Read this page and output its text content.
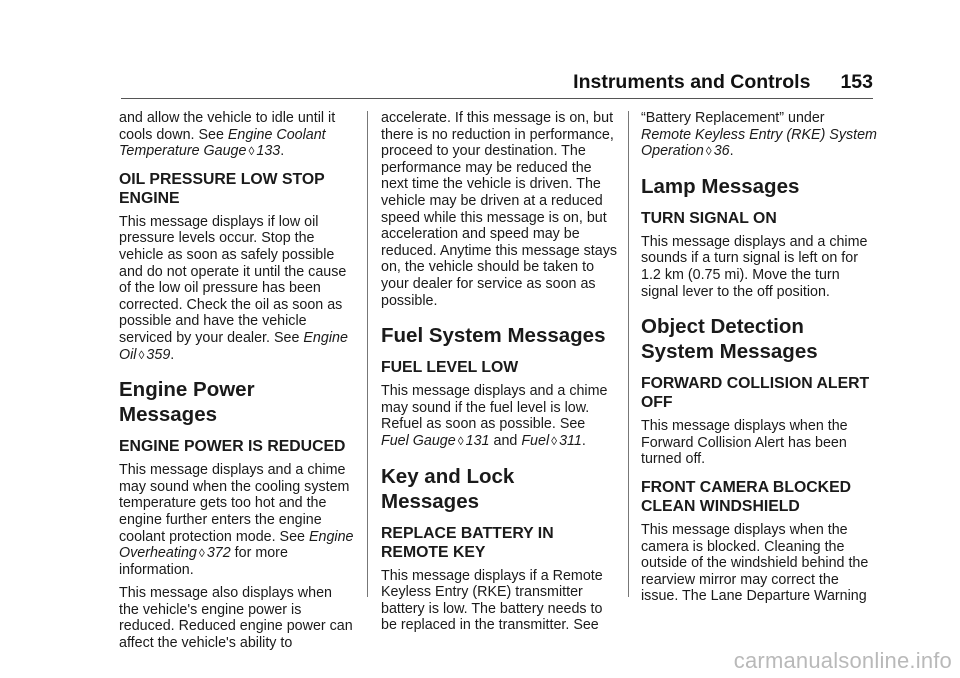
Instruments and Controls 153

and allow the vehicle to idle until it cools down. See Engine Coolant Temperature Gauge ◊ 133.

OIL PRESSURE LOW STOP ENGINE

This message displays if low oil pressure levels occur. Stop the vehicle as soon as safely possible and do not operate it until the cause of the low oil pressure has been corrected. Check the oil as soon as possible and have the vehicle serviced by your dealer. See Engine Oil ◊ 359.

Engine Power Messages
ENGINE POWER IS REDUCED

This message displays and a chime may sound when the cooling system temperature gets too hot and the engine further enters the engine coolant protection mode. See Engine Overheating ◊ 372 for more information.

This message also displays when the vehicle's engine power is reduced. Reduced engine power can affect the vehicle's ability to

accelerate. If this message is on, but there is no reduction in performance, proceed to your destination. The performance may be reduced the next time the vehicle is driven. The vehicle may be driven at a reduced speed while this message is on, but acceleration and speed may be reduced. Anytime this message stays on, the vehicle should be taken to your dealer for service as soon as possible.

Fuel System Messages
FUEL LEVEL LOW

This message displays and a chime may sound if the fuel level is low. Refuel as soon as possible. See Fuel Gauge ◊ 131 and Fuel ◊ 311.

Key and Lock Messages
REPLACE BATTERY IN REMOTE KEY

This message displays if a Remote Keyless Entry (RKE) transmitter battery is low. The battery needs to be replaced in the transmitter. See

“Battery Replacement” under Remote Keyless Entry (RKE) System Operation ◊ 36.

Lamp Messages
TURN SIGNAL ON

This message displays and a chime sounds if a turn signal is left on for 1.2 km (0.75 mi). Move the turn signal lever to the off position.

Object Detection System Messages
FORWARD COLLISION ALERT OFF

This message displays when the Forward Collision Alert has been turned off.

FRONT CAMERA BLOCKED CLEAN WINDSHIELD

This message displays when the camera is blocked. Cleaning the outside of the windshield behind the rearview mirror may correct the issue. The Lane Departure Warning

carmanualsonline.info
